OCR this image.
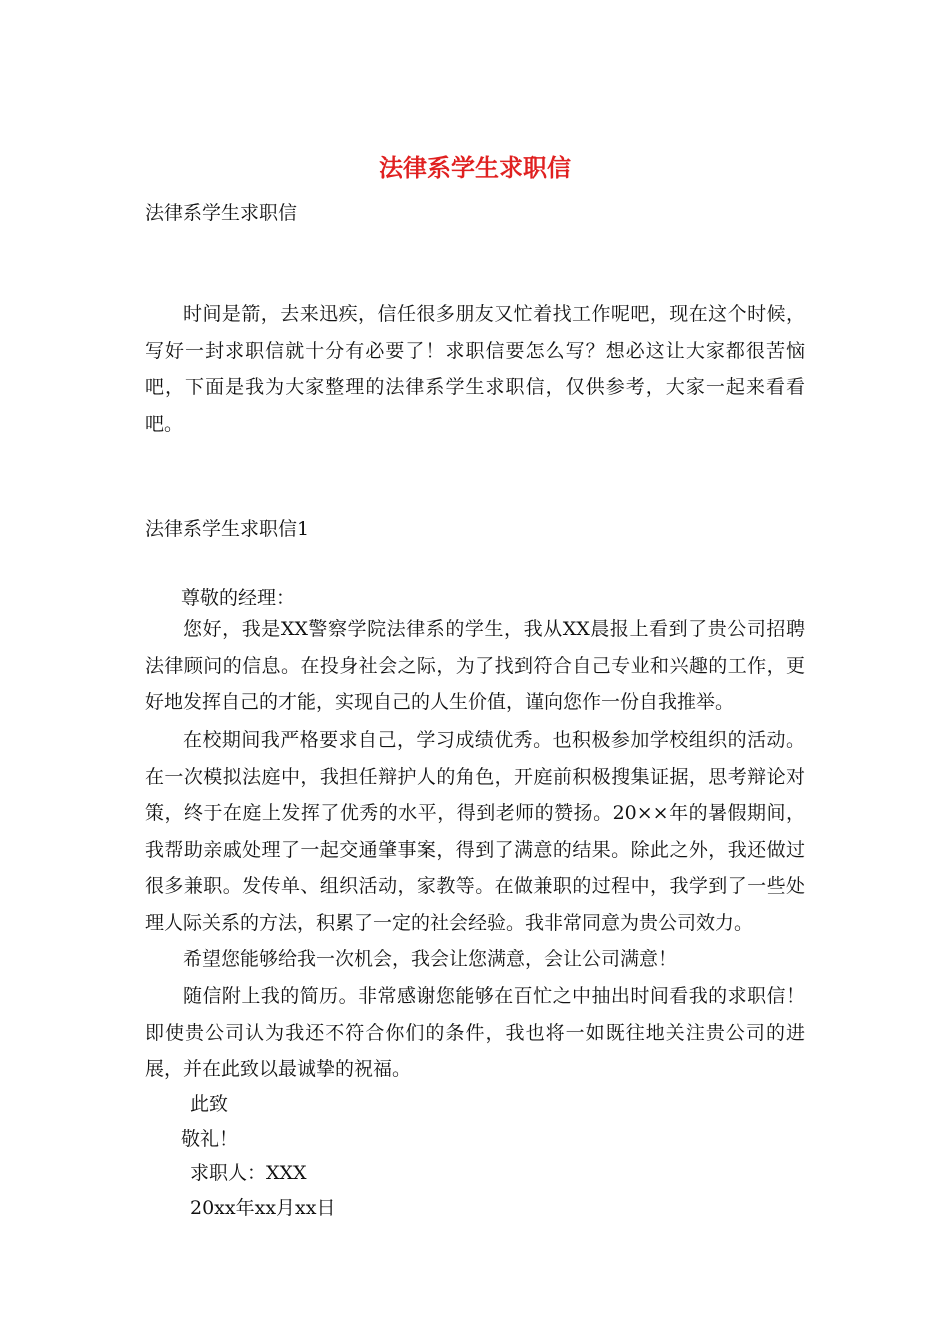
法律系学生求职信

法律系学生求职信

时间是箭，去来迅疾，信任很多朋友又忙着找工作呢吧，现在这个时候，写好一封求职信就十分有必要了！求职信要怎么写？想必这让大家都很苦恼吧，下面是我为大家整理的法律系学生求职信，仅供参考，大家一起来看看吧。

法律系学生求职信1

尊敬的经理：

您好，我是XX警察学院法律系的学生，我从XX晨报上看到了贵公司招聘法律顾问的信息。在投身社会之际，为了找到符合自己专业和兴趣的工作，更好地发挥自己的才能，实现自己的人生价值，谨向您作一份自我推举。

在校期间我严格要求自己，学习成绩优秀。也积极参加学校组织的活动。在一次模拟法庭中，我担任辩护人的角色，开庭前积极搜集证据，思考辩论对策，终于在庭上发挥了优秀的水平，得到老师的赞扬。20××年的暑假期间，我帮助亲戚处理了一起交通肇事案，得到了满意的结果。除此之外，我还做过很多兼职。发传单、组织活动，家教等。在做兼职的过程中，我学到了一些处理人际关系的方法，积累了一定的社会经验。我非常同意为贵公司效力。

希望您能够给我一次机会，我会让您满意，会让公司满意！

随信附上我的简历。非常感谢您能够在百忙之中抽出时间看我的求职信！即使贵公司认为我还不符合你们的条件，我也将一如既往地关注贵公司的进展，并在此致以最诚挚的祝福。

此致

敬礼！

求职人：XXX

20xx年xx月xx日
